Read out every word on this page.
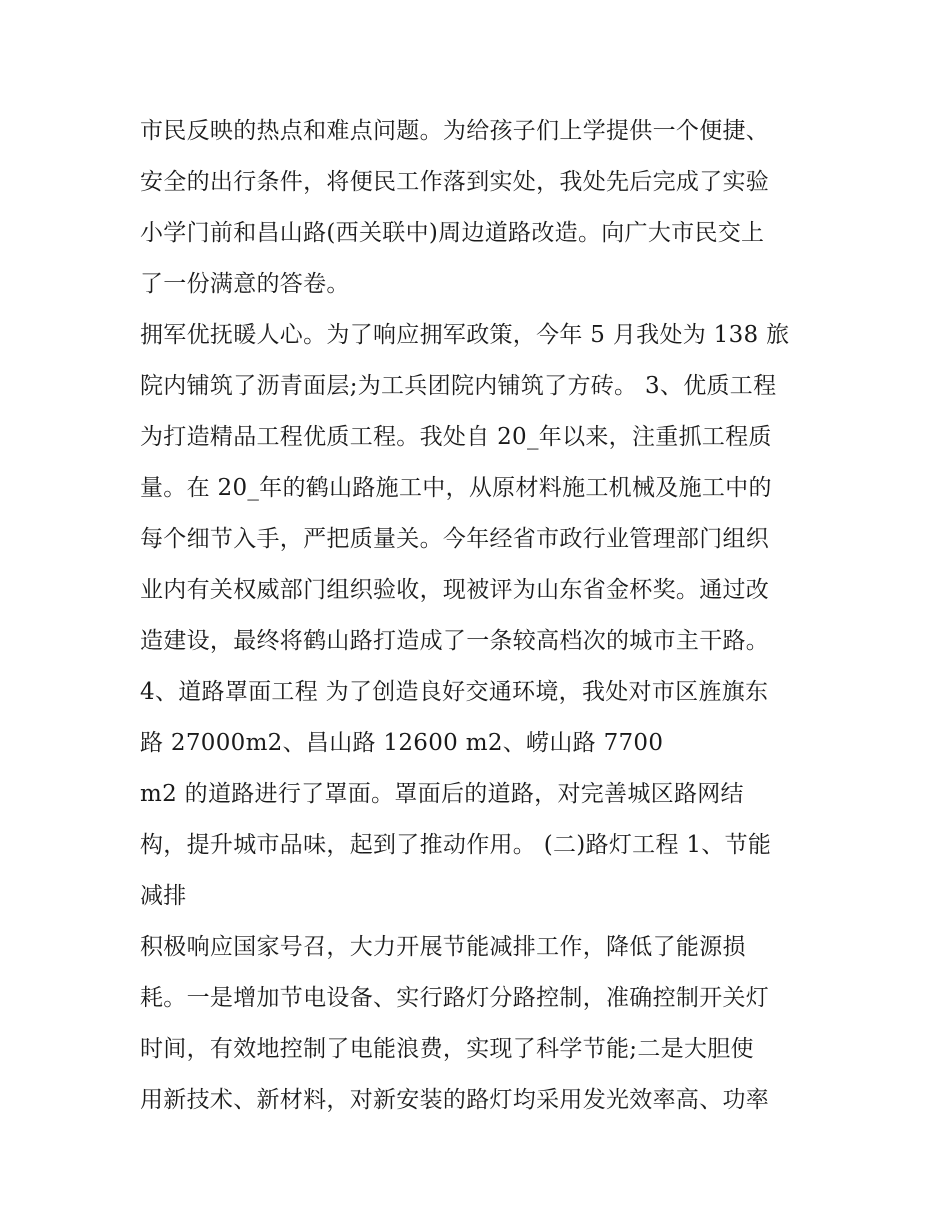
市民反映的热点和难点问题。为给孩子们上学提供一个便捷、
安全的出行条件，将便民工作落到实处，我处先后完成了实验
小学门前和昌山路(西关联中)周边道路改造。向广大市民交上
了一份满意的答卷。
拥军优抚暖人心。为了响应拥军政策，今年 5 月我处为 138 旅
院内铺筑了沥青面层;为工兵团院内铺筑了方砖。 3、优质工程
为打造精品工程优质工程。我处自 20_年以来，注重抓工程质
量。在 20_年的鹤山路施工中，从原材料施工机械及施工中的
每个细节入手，严把质量关。今年经省市政行业管理部门组织
业内有关权威部门组织验收，现被评为山东省金杯奖。通过改
造建设，最终将鹤山路打造成了一条较高档次的城市主干路。
4、道路罩面工程 为了创造良好交通环境，我处对市区旌旗东
路 27000m2、昌山路 12600 m2、崂山路 7700
m2 的道路进行了罩面。罩面后的道路，对完善城区路网结
构，提升城市品味，起到了推动作用。 (二)路灯工程 1、节能
减排
积极响应国家号召，大力开展节能减排工作，降低了能源损
耗。一是增加节电设备、实行路灯分路控制，准确控制开关灯
时间，有效地控制了电能浪费，实现了科学节能;二是大胆使
用新技术、新材料，对新安装的路灯均采用发光效率高、功率
